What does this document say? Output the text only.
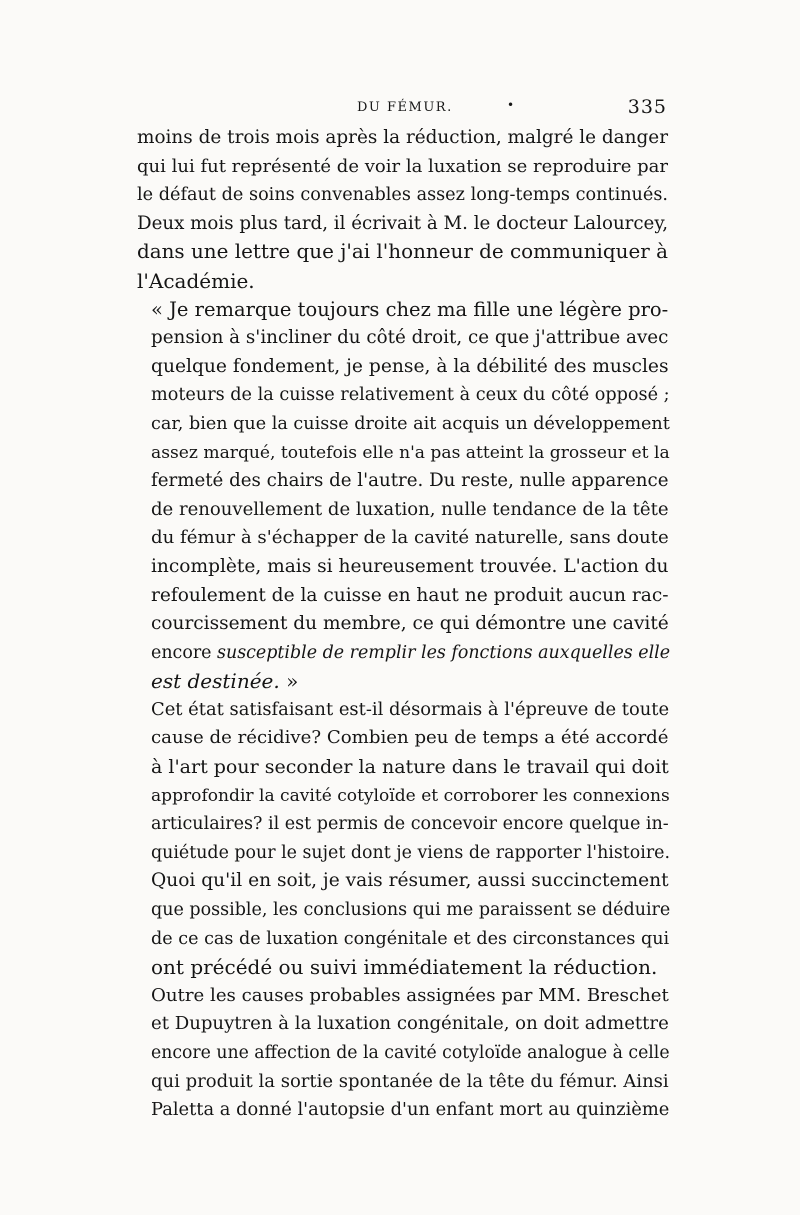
DU FÉMUR.	•	335

moins de trois mois après la réduction, malgré le danger
qui lui fut représenté de voir la luxation se reproduire par
le défaut de soins convenables assez long-temps continués.
Deux mois plus tard, il écrivait à M. le docteur Lalourcey,
dans une lettre que j'ai l'honneur de communiquer à
l'Académie.

« Je remarque toujours chez ma fille une légère pro-
pension à s'incliner du côté droit, ce que j'attribue avec
quelque fondement, je pense, à la débilité des muscles
moteurs de la cuisse relativement à ceux du côté opposé ;
car, bien que la cuisse droite ait acquis un développement
assez marqué, toutefois elle n'a pas atteint la grosseur et la
fermeté des chairs de l'autre. Du reste, nulle apparence
de renouvellement de luxation, nulle tendance de la tête
du fémur à s'échapper de la cavité naturelle, sans doute
incomplète, mais si heureusement trouvée. L'action du
refoulement de la cuisse en haut ne produit aucun rac-
courcissement du membre, ce qui démontre une cavité
encore susceptible de remplir les fonctions auxquelles elle
est destinée. »

Cet état satisfaisant est-il désormais à l'épreuve de toute
cause de récidive? Combien peu de temps a été accordé
à l'art pour seconder la nature dans le travail qui doit
approfondir la cavité cotyloïde et corroborer les connexions
articulaires? il est permis de concevoir encore quelque in-
quiétude pour le sujet dont je viens de rapporter l'histoire.
Quoi qu'il en soit, je vais résumer, aussi succinctement
que possible, les conclusions qui me paraissent se déduire
de ce cas de luxation congénitale et des circonstances qui
ont précédé ou suivi immédiatement la réduction.

Outre les causes probables assignées par MM. Breschet
et Dupuytren à la luxation congénitale, on doit admettre
encore une affection de la cavité cotyloïde analogue à celle
qui produit la sortie spontanée de la tête du fémur. Ainsi
Paletta a donné l'autopsie d'un enfant mort au quinzième
